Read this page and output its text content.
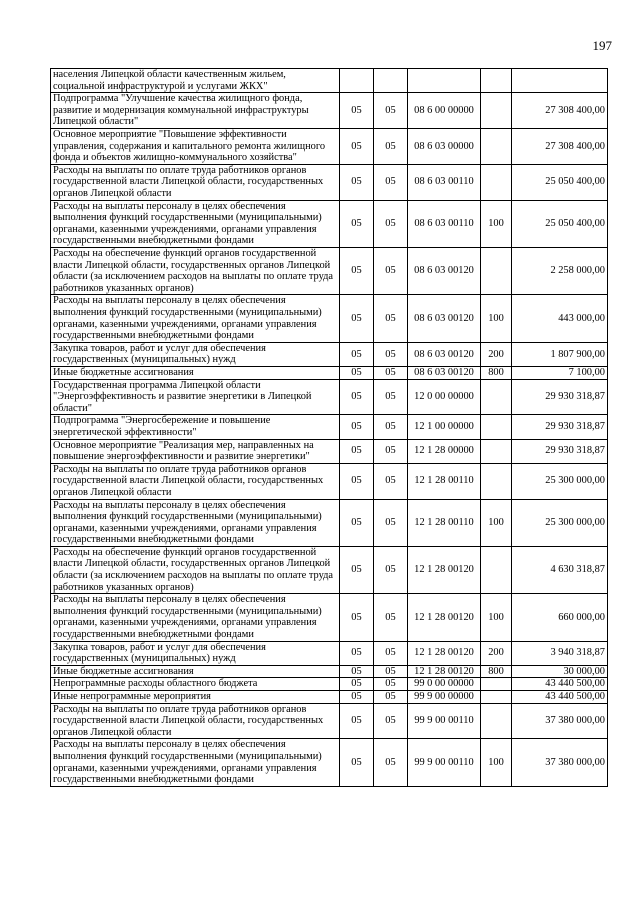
197
населения Липецкой области качественным жильем, социальной инфраструктурой и услугами ЖКХ"					
Подпрограмма "Улучшение качества жилищного фонда, развитие и модернизация коммунальной инфраструктуры Липецкой области"	05	05	08 6 00 00000		27 308 400,00
Основное мероприятие "Повышение эффективности управления, содержания и капитального ремонта жилищного фонда и объектов жилищно-коммунального хозяйства"	05	05	08 6 03 00000		27 308 400,00
Расходы на выплаты по оплате труда работников органов государственной власти Липецкой области, государственных органов Липецкой области	05	05	08 6 03 00110		25 050 400,00
Расходы на выплаты персоналу в целях обеспечения выполнения функций государственными (муниципальными) органами, казенными учреждениями, органами управления государственными внебюджетными фондами	05	05	08 6 03 00110	100	25 050 400,00
Расходы на обеспечение функций органов государственной власти Липецкой области, государственных органов Липецкой области (за исключением расходов на выплаты по оплате труда работников указанных органов)	05	05	08 6 03 00120		2 258 000,00
Расходы на выплаты персоналу в целях обеспечения выполнения функций государственными (муниципальными) органами, казенными учреждениями, органами управления государственными внебюджетными фондами	05	05	08 6 03 00120	100	443 000,00
Закупка товаров, работ и услуг для обеспечения государственных (муниципальных) нужд	05	05	08 6 03 00120	200	1 807 900,00
Иные бюджетные ассигнования	05	05	08 6 03 00120	800	7 100,00
Государственная программа Липецкой области "Энергоэффективность и развитие энергетики в Липецкой области"	05	05	12 0 00 00000		29 930 318,87
Подпрограмма "Энергосбережение и повышение энергетической эффективности"	05	05	12 1 00 00000		29 930 318,87
Основное мероприятие "Реализация мер, направленных на повышение энергоэффективности и развитие энергетики"	05	05	12 1 28 00000		29 930 318,87
Расходы на выплаты по оплате труда работников органов государственной власти Липецкой области, государственных органов Липецкой области	05	05	12 1 28 00110		25 300 000,00
Расходы на выплаты персоналу в целях обеспечения выполнения функций государственными (муниципальными) органами, казенными учреждениями, органами управления государственными внебюджетными фондами	05	05	12 1 28 00110	100	25 300 000,00
Расходы на обеспечение функций органов государственной власти Липецкой области, государственных органов Липецкой области (за исключением расходов на выплаты по оплате труда работников указанных органов)	05	05	12 1 28 00120		4 630 318,87
Расходы на выплаты персоналу в целях обеспечения выполнения функций государственными (муниципальными) органами, казенными учреждениями, органами управления государственными внебюджетными фондами	05	05	12 1 28 00120	100	660 000,00
Закупка товаров, работ и услуг для обеспечения государственных (муниципальных) нужд	05	05	12 1 28 00120	200	3 940 318,87
Иные бюджетные ассигнования	05	05	12 1 28 00120	800	30 000,00
Непрограммные расходы областного бюджета	05	05	99 0 00 00000		43 440 500,00
Иные непрограммные мероприятия	05	05	99 9 00 00000		43 440 500,00
Расходы на выплаты по оплате труда работников органов государственной власти Липецкой области, государственных органов Липецкой области	05	05	99 9 00 00110		37 380 000,00
Расходы на выплаты персоналу в целях обеспечения выполнения функций государственными (муниципальными) органами, казенными учреждениями, органами управления государственными внебюджетными фондами	05	05	99 9 00 00110	100	37 380 000,00
